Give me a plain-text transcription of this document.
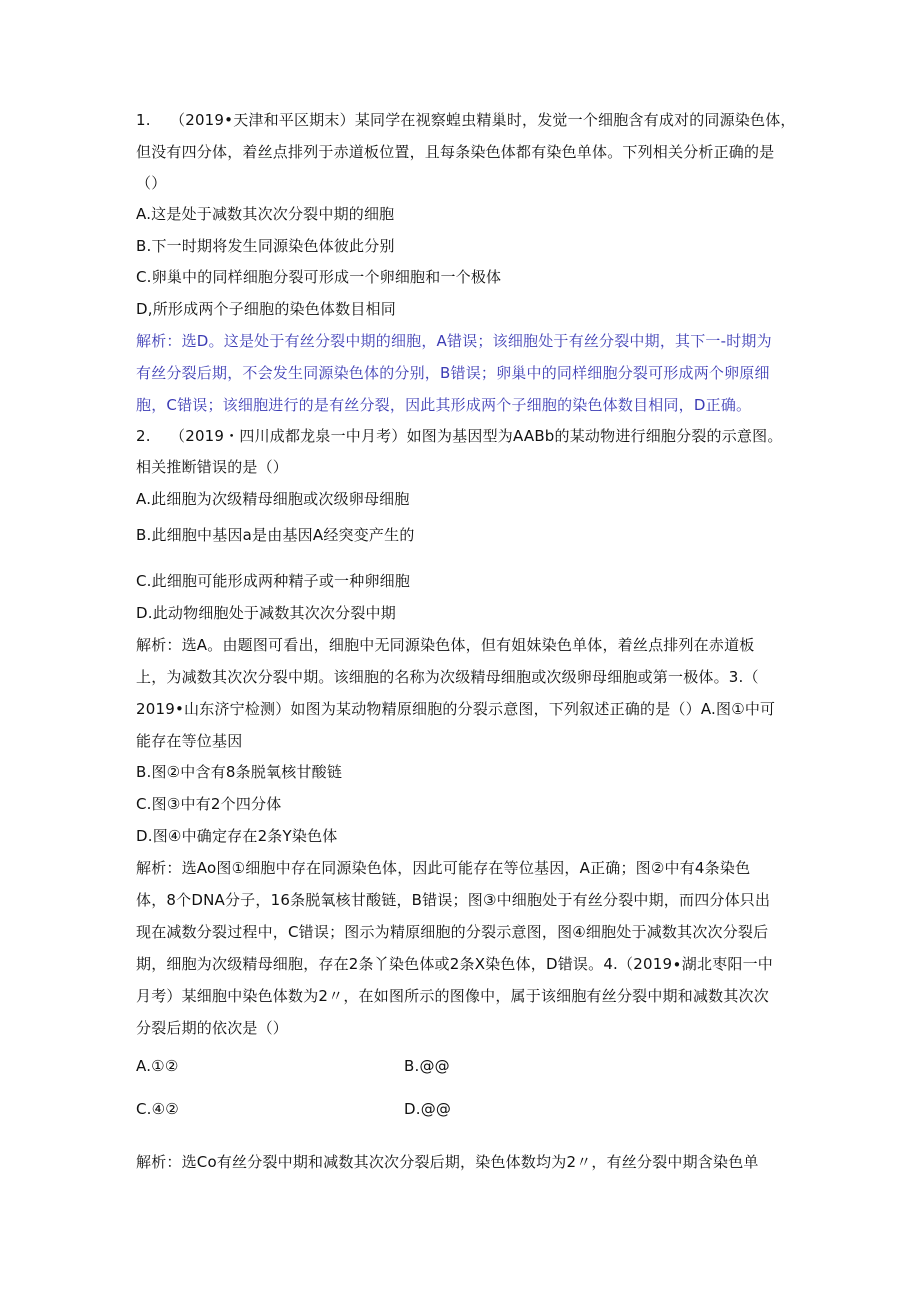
1. （2019•天津和平区期末）某同学在视察蝗虫精巢时，发觉一个细胞含有成对的同源染色体，
但没有四分体，着丝点排列于赤道板位置，且每条染色体都有染色单体。下列相关分析正确的是
（）
A.这是处于减数其次次分裂中期的细胞
B.下一时期将发生同源染色体彼此分别
C.卵巢中的同样细胞分裂可形成一个卵细胞和一个极体
D,所形成两个子细胞的染色体数目相同
解析：选D。这是处于有丝分裂中期的细胞，A错误；该细胞处于有丝分裂中期，其下一-时期为
有丝分裂后期，不会发生同源染色体的分别，B错误；卵巢中的同样细胞分裂可形成两个卵原细
胞，C错误；该细胞进行的是有丝分裂，因此其形成两个子细胞的染色体数目相同，D正确。
2. （2019・四川成都龙泉一中月考）如图为基因型为AABb的某动物进行细胞分裂的示意图。
相关推断错误的是（）
A.此细胞为次级精母细胞或次级卵母细胞
B.此细胞中基因a是由基因A经突变产生的
C.此细胞可能形成两种精子或一种卵细胞
D.此动物细胞处于减数其次次分裂中期
解析：选A。由题图可看出，细胞中无同源染色体，但有姐妹染色单体，着丝点排列在赤道板
上，为减数其次次分裂中期。该细胞的名称为次级精母细胞或次级卵母细胞或第一极体。3.（
2019•山东济宁检测）如图为某动物精原细胞的分裂示意图，下列叙述正确的是（）A.图①中可
能存在等位基因
B.图②中含有8条脱氧核甘酸链
C.图③中有2个四分体
D.图④中确定存在2条Y染色体
解析：选Ao图①细胞中存在同源染色体，因此可能存在等位基因，A正确；图②中有4条染色
体，8个DNA分子，16条脱氧核甘酸链，B错误；图③中细胞处于有丝分裂中期，而四分体只出
现在减数分裂过程中，C错误；图示为精原细胞的分裂示意图，图④细胞处于减数其次次分裂后
期，细胞为次级精母细胞，存在2条丫染色体或2条X染色体，D错误。4.（2019∙湖北枣阳一中
月考）某细胞中染色体数为2〃，在如图所示的图像中，属于该细胞有丝分裂中期和减数其次次
分裂后期的依次是（）
A.①②	B.@@
C.④②	D.@@
解析：选Co有丝分裂中期和减数其次次分裂后期，染色体数均为2〃，有丝分裂中期含染色单
